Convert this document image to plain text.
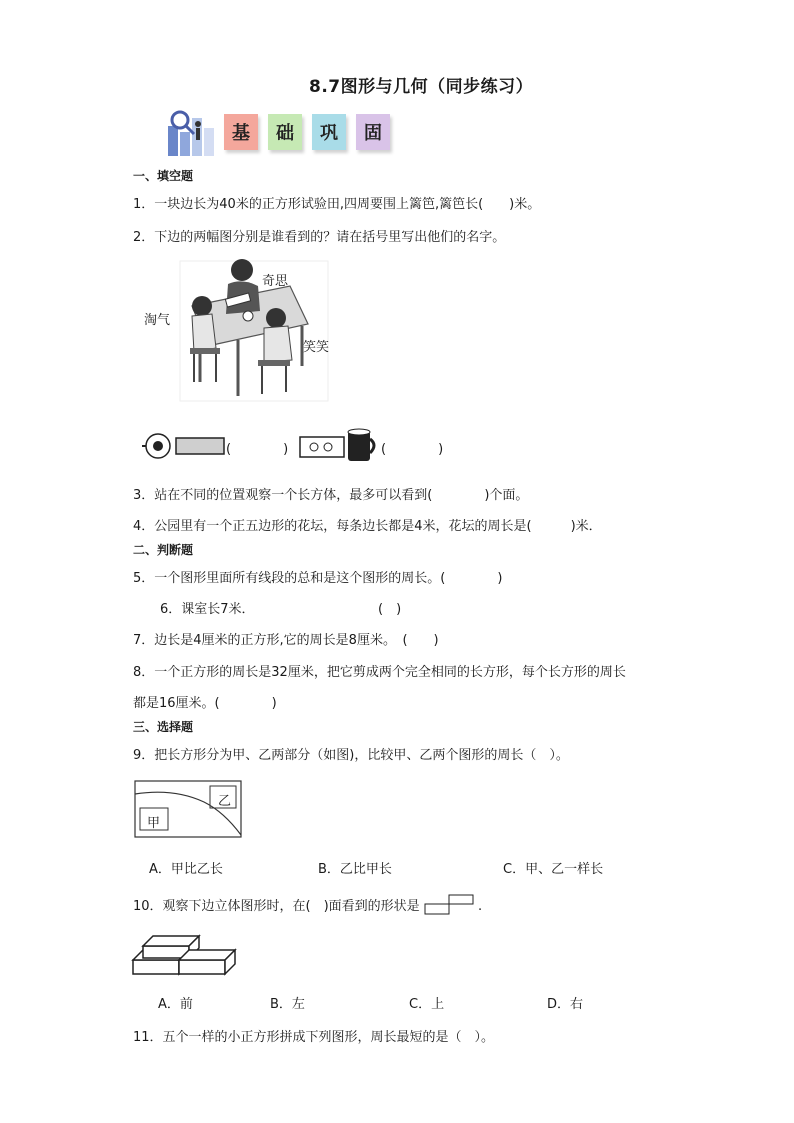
8.7图形与几何（同步练习）
基	础	巩	固
一、填空题
1．一块边长为40米的正方形试验田,四周要围上篱笆,篱笆长(　　)米。
2．下边的两幅图分别是谁看到的？请在括号里写出他们的名字。
奇思
淘气
笑笑
(　　　　)	(　　　　)
3．站在不同的位置观察一个长方体，最多可以看到(　　　　)个面。
4．公园里有一个正五边形的花坛，每条边长都是4米，花坛的周长是(　　　)米．
二、判断题
5．一个图形里面所有线段的总和是这个图形的周长。(　　　　)
6．课室长7米．　　　　　　　　　　(　)
7．边长是4厘米的正方形,它的周长是8厘米。　(　　)
8．一个正方形的周长是32厘米，把它剪成两个完全相同的长方形，每个长方形的周长
都是16厘米。(　　　　)
三、选择题
9．把长方形分为甲、乙两部分（如图)，比较甲、乙两个图形的周长（　）。
甲
乙
A．甲比乙长	B．乙比甲长	C．甲、乙一样长
10．观察下边立体图形时，在(　)面看到的形状是	.
A．前	B．左	C．上	D．右
11．五个一样的小正方形拼成下列图形，周长最短的是（　）。
